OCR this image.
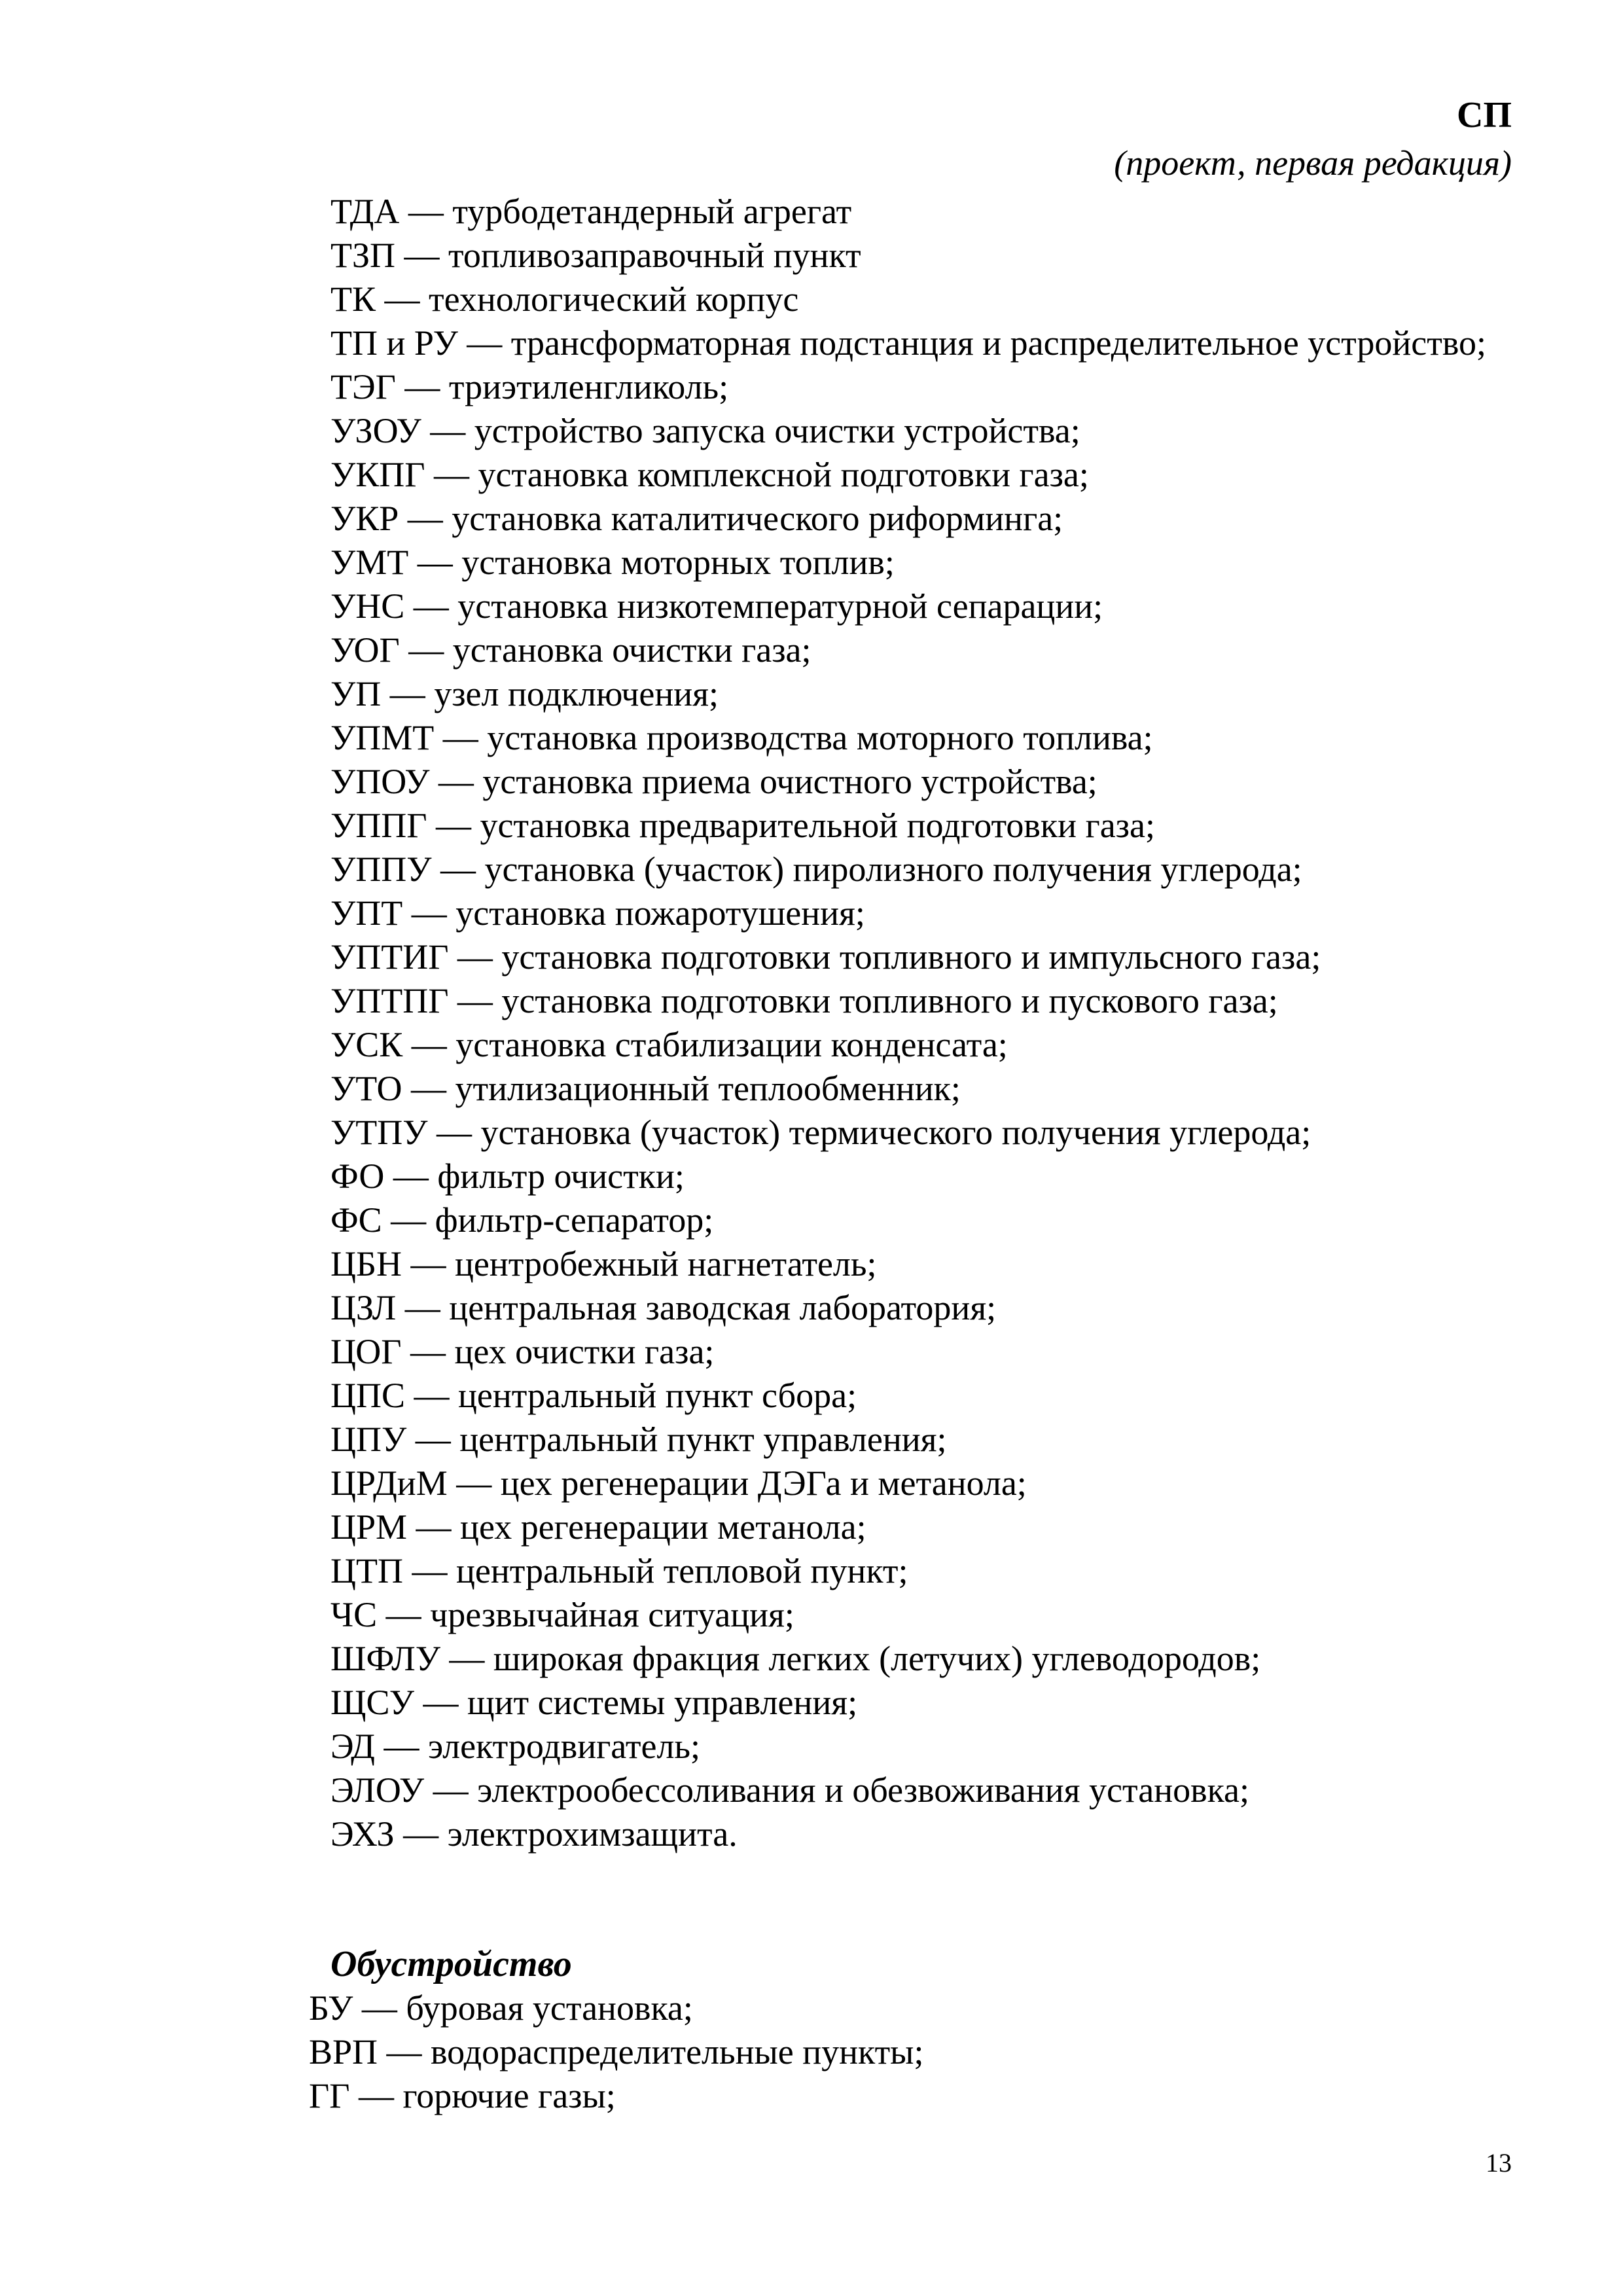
СП
(проект, первая редакция)
ТДА — турбодетандерный агрегат
ТЗП — топливозаправочный пункт
ТК — технологический корпус
ТП и РУ — трансформаторная подстанция и распределительное устройство;
ТЭГ — триэтиленгликоль;
УЗОУ — устройство запуска очистки устройства;
УКПГ — установка комплексной подготовки газа;
УКР — установка каталитического риформинга;
УМТ — установка моторных топлив;
УНС — установка низкотемпературной сепарации;
УОГ — установка очистки газа;
УП — узел подключения;
УПМТ — установка производства моторного топлива;
УПОУ — установка приема очистного устройства;
УППГ — установка предварительной подготовки газа;
УППУ — установка (участок) пиролизного получения углерода;
УПТ — установка пожаротушения;
УПТИГ — установка подготовки топливного и импульсного газа;
УПТПГ — установка подготовки топливного и пускового газа;
УСК — установка стабилизации конденсата;
УТО — утилизационный теплообменник;
УТПУ — установка (участок) термического получения углерода;
ФО — фильтр очистки;
ФС — фильтр-сепаратор;
ЦБН — центробежный нагнетатель;
ЦЗЛ — центральная заводская лаборатория;
ЦОГ — цех очистки газа;
ЦПС — центральный пункт сбора;
ЦПУ — центральный пункт управления;
ЦРДиМ — цех регенерации ДЭГа и метанола;
ЦРМ — цех регенерации метанола;
ЦТП — центральный тепловой пункт;
ЧС — чрезвычайная ситуация;
ШФЛУ — широкая фракция легких (летучих) углеводородов;
ЩСУ — щит системы управления;
ЭД — электродвигатель;
ЭЛОУ — электрообессоливания и обезвоживания установка;
ЭХЗ — электрохимзащита.
Обустройство
БУ — буровая установка;
ВРП — водораспределительные пункты;
ГГ — горючие газы;
13
